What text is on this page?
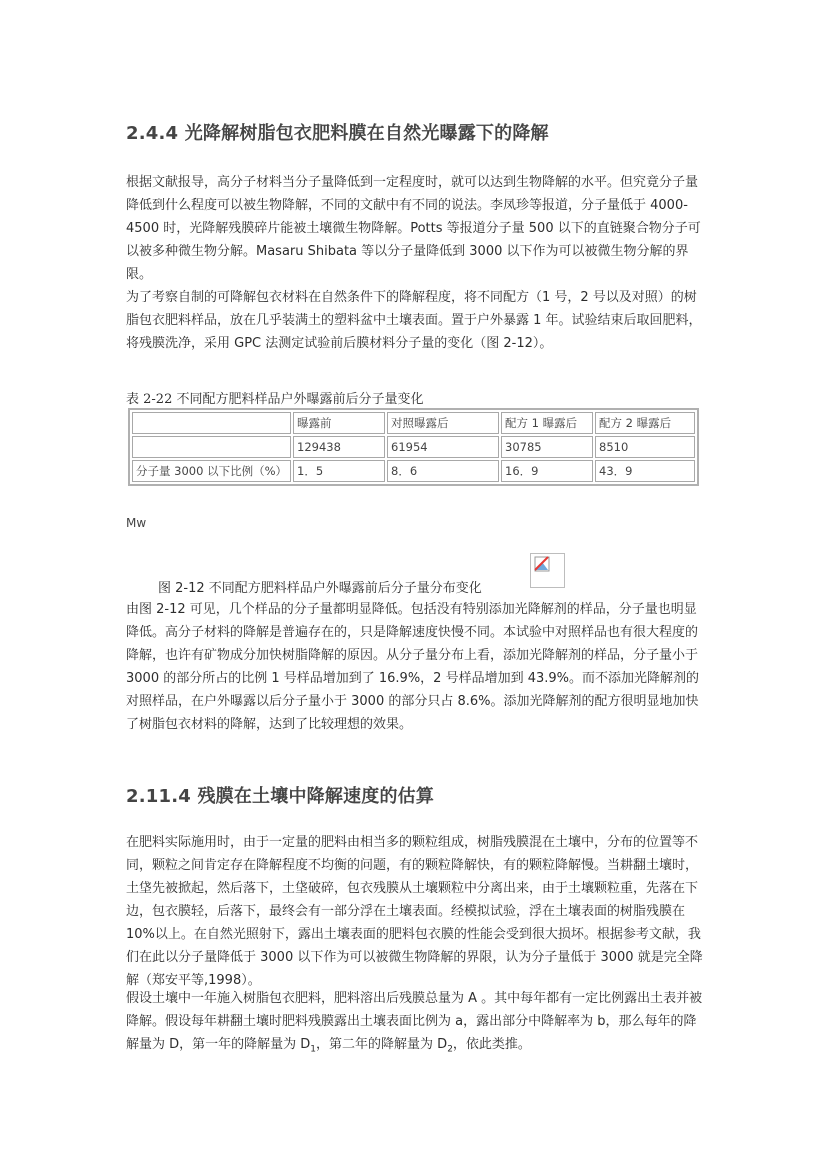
2.4.4 光降解树脂包衣肥料膜在自然光曝露下的降解

根据文献报导，高分子材料当分子量降低到一定程度时，就可以达到生物降解的水平。但究竟分子量降低到什么程度可以被生物降解，不同的文献中有不同的说法。李凤珍等报道，分子量低于 4000-4500 时，光降解残膜碎片能被土壤微生物降解。Potts 等报道分子量 500 以下的直链聚合物分子可以被多种微生物分解。Masaru Shibata 等以分子量降低到 3000 以下作为可以被微生物分解的界限。

为了考察自制的可降解包衣材料在自然条件下的降解程度，将不同配方（1 号，2 号以及对照）的树脂包衣肥料样品，放在几乎装满土的塑料盆中土壤表面。置于户外暴露 1 年。试验结束后取回肥料，将残膜洗净，采用 GPC 法测定试验前后膜材料分子量的变化（图 2-12）。

表 2-22 不同配方肥料样品户外曝露前后分子量变化

	曝露前	对照曝露后	配方 1 曝露后	配方 2 曝露后
	129438	61954	30785	8510
分子量 3000 以下比例（%）	1．5	8．6	16．9	43．9
Mw
图 2-12 不同配方肥料样品户外曝露前后分子量分布变化

由图 2-12 可见，几个样品的分子量都明显降低。包括没有特别添加光降解剂的样品，分子量也明显降低。高分子材料的降解是普遍存在的，只是降解速度快慢不同。本试验中对照样品也有很大程度的降解，也许有矿物成分加快树脂降解的原因。从分子量分布上看，添加光降解剂的样品，分子量小于 3000 的部分所占的比例 1 号样品增加到了 16.9%，2 号样品增加到 43.9%。而不添加光降解剂的对照样品，在户外曝露以后分子量小于 3000 的部分只占 8.6%。添加光降解剂的配方很明显地加快了树脂包衣材料的降解，达到了比较理想的效果。

2.11.4 残膜在土壤中降解速度的估算

在肥料实际施用时，由于一定量的肥料由相当多的颗粒组成，树脂残膜混在土壤中，分布的位置等不同，颗粒之间肯定存在降解程度不均衡的问题，有的颗粒降解快，有的颗粒降解慢。当耕翻土壤时，土垡先被掀起，然后落下，土垡破碎，包衣残膜从土壤颗粒中分离出来，由于土壤颗粒重，先落在下边，包衣膜轻，后落下，最终会有一部分浮在土壤表面。经模拟试验，浮在土壤表面的树脂残膜在 10%以上。在自然光照射下，露出土壤表面的肥料包衣膜的性能会受到很大损坏。根据参考文献，我们在此以分子量降低于 3000 以下作为可以被微生物降解的界限，认为分子量低于 3000 就是完全降解（郑安平等,1998）。

假设土壤中一年施入树脂包衣肥料，肥料溶出后残膜总量为 A 。其中每年都有一定比例露出土表并被降解。假设每年耕翻土壤时肥料残膜露出土壤表面比例为 a，露出部分中降解率为 b，那么每年的降解量为 D，第一年的降解量为 $D_1$，第二年的降解量为 $D_2$，依此类推。
